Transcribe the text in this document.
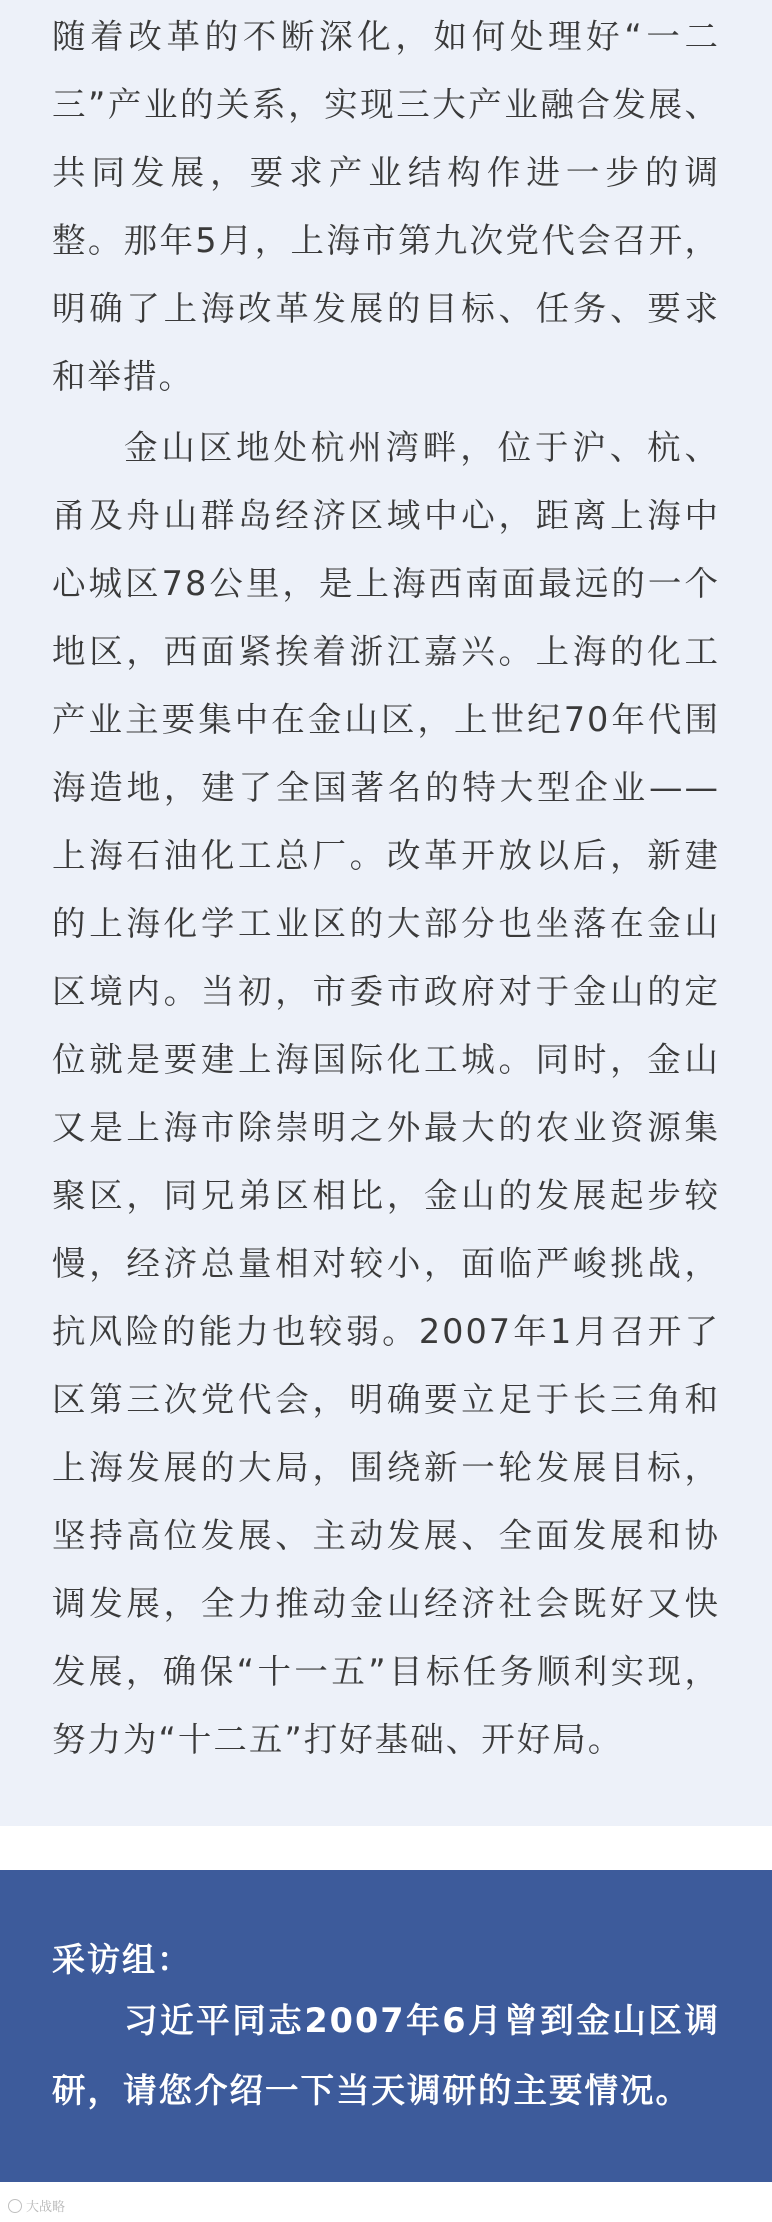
随着改革的不断深化，如何处理好“一二三”产业的关系，实现三大产业融合发展、共同发展，要求产业结构作进一步的调整。那年5月，上海市第九次党代会召开，明确了上海改革发展的目标、任务、要求和举措。

金山区地处杭州湾畔，位于沪、杭、甬及舟山群岛经济区域中心，距离上海中心城区78公里，是上海西南面最远的一个地区，西面紧挨着浙江嘉兴。上海的化工产业主要集中在金山区，上世纪70年代围海造地，建了全国著名的特大型企业——上海石油化工总厂。改革开放以后，新建的上海化学工业区的大部分也坐落在金山区境内。当初，市委市政府对于金山的定位就是要建上海国际化工城。同时，金山又是上海市除崇明之外最大的农业资源集聚区，同兄弟区相比，金山的发展起步较慢，经济总量相对较小，面临严峻挑战，抗风险的能力也较弱。2007年1月召开了区第三次党代会，明确要立足于长三角和上海发展的大局，围绕新一轮发展目标，坚持高位发展、主动发展、全面发展和协调发展，全力推动金山经济社会既好又快发展，确保“十一五”目标任务顺利实现，努力为“十二五”打好基础、开好局。

采访组：

习近平同志2007年6月曾到金山区调研，请您介绍一下当天调研的主要情况。

大战略
